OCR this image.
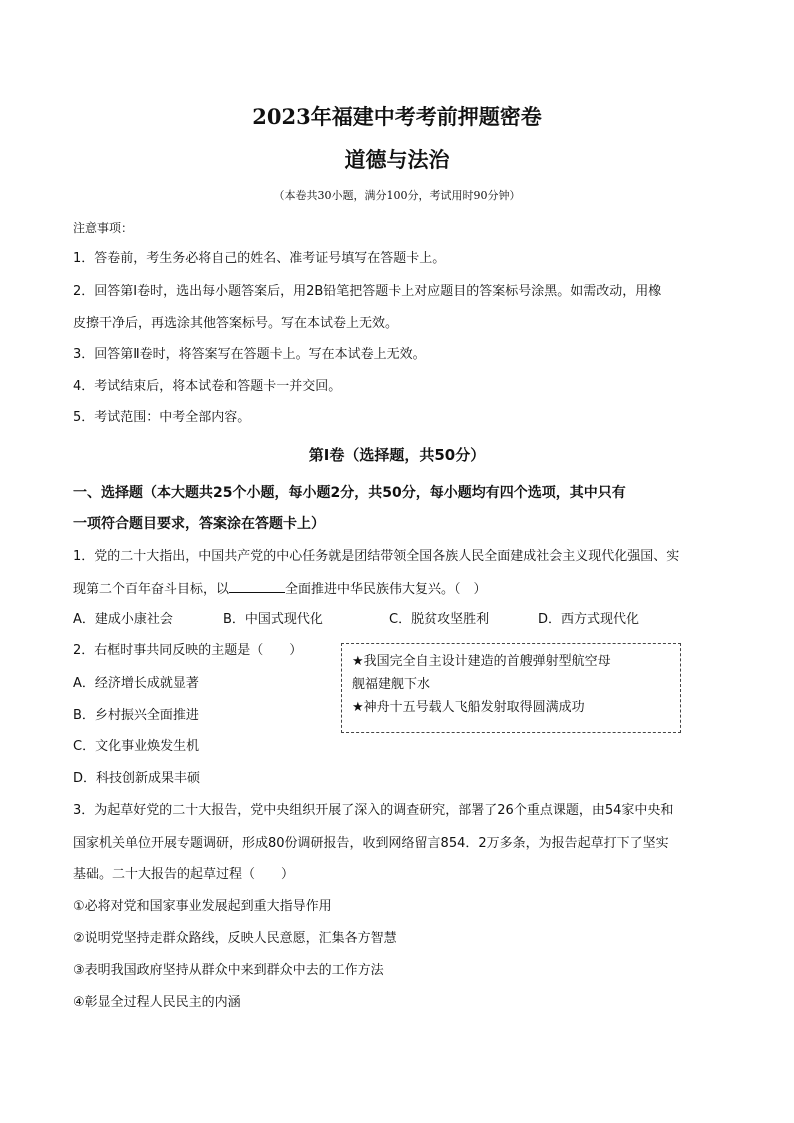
2023年福建中考考前押题密卷
道德与法治
（本卷共30小题，满分100分，考试用时90分钟）
注意事项：
1．答卷前，考生务必将自己的姓名、准考证号填写在答题卡上。
2．回答第Ⅰ卷时，选出每小题答案后，用2B铅笔把答题卡上对应题目的答案标号涂黑。如需改动，用橡
皮擦干净后，再选涂其他答案标号。写在本试卷上无效。
3．回答第Ⅱ卷时，将答案写在答题卡上。写在本试卷上无效。
4．考试结束后，将本试卷和答题卡一并交回。
5．考试范围：中考全部内容。
第Ⅰ卷（选择题，共50分）
一、选择题（本大题共25个小题，每小题2分，共50分，每小题均有四个选项，其中只有
一项符合题目要求，答案涂在答题卡上）
1．党的二十大指出，中国共产党的中心任务就是团结带领全国各族人民全面建成社会主义现代化强国、实
现第二个百年奋斗目标，以	全面推进中华民族伟大复兴。（　）
A．建成小康社会	B．中国式现代化	C．脱贫攻坚胜利	D．西方式现代化
2．右框时事共同反映的主题是（　　）
A．经济增长成就显著
B．乡村振兴全面推进
C．文化事业焕发生机
D．科技创新成果丰硕
★我国完全自主设计建造的首艘弹射型航空母
舰福建舰下水
★神舟十五号载人飞船发射取得圆满成功
3．为起草好党的二十大报告，党中央组织开展了深入的调查研究，部署了26个重点课题，由54家中央和
国家机关单位开展专题调研，形成80份调研报告，收到网络留言854．2万多条，为报告起草打下了坚实
基础。二十大报告的起草过程（　　）
①必将对党和国家事业发展起到重大指导作用
②说明党坚持走群众路线，反映人民意愿，汇集各方智慧
③表明我国政府坚持从群众中来到群众中去的工作方法
④彰显全过程人民民主的内涵
